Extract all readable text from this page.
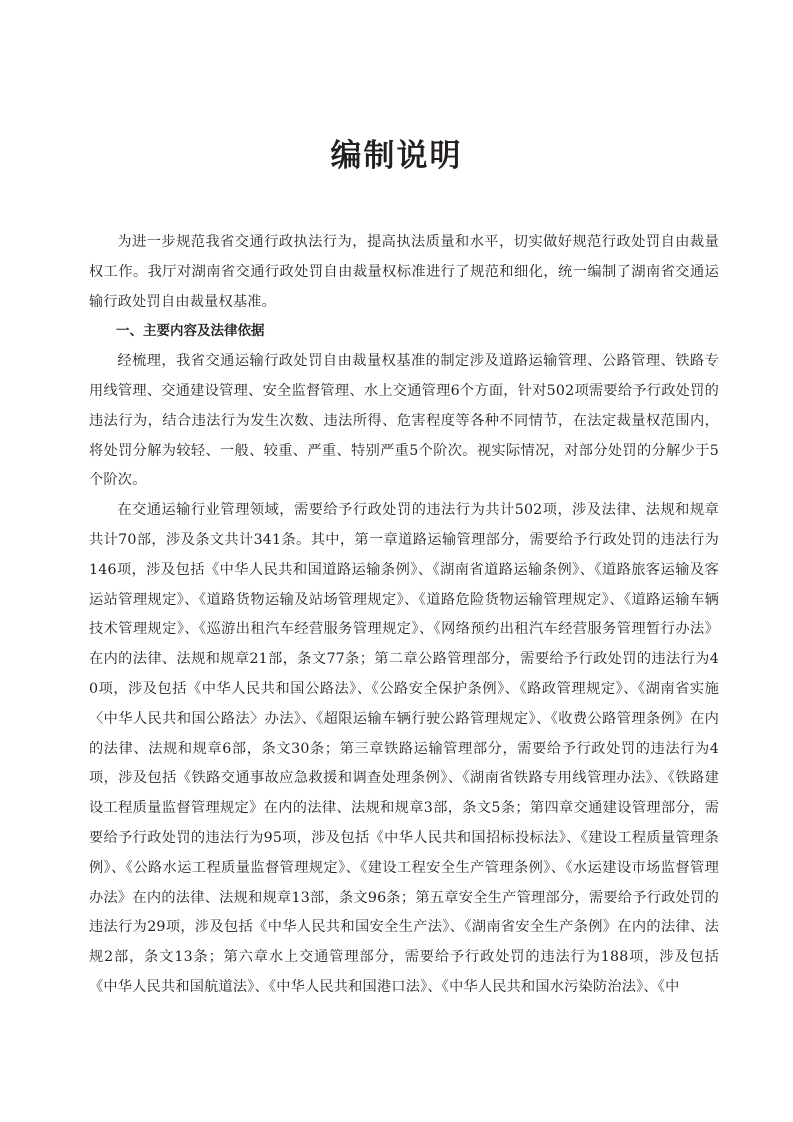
编制说明

为进一步规范我省交通行政执法行为，提高执法质量和水平，切实做好规范行政处罚自由裁量权工作。我厅对湖南省交通行政处罚自由裁量权标准进行了规范和细化，统一编制了湖南省交通运输行政处罚自由裁量权基准。

一、主要内容及法律依据

经梳理，我省交通运输行政处罚自由裁量权基准的制定涉及道路运输管理、公路管理、铁路专用线管理、交通建设管理、安全监督管理、水上交通管理6个方面，针对502项需要给予行政处罚的违法行为，结合违法行为发生次数、违法所得、危害程度等各种不同情节，在法定裁量权范围内，将处罚分解为较轻、一般、较重、严重、特别严重5个阶次。视实际情况，对部分处罚的分解少于5个阶次。

在交通运输行业管理领域，需要给予行政处罚的违法行为共计502项，涉及法律、法规和规章共计70部，涉及条文共计341条。其中，第一章道路运输管理部分，需要给予行政处罚的违法行为146项，涉及包括《中华人民共和国道路运输条例》、《湖南省道路运输条例》、《道路旅客运输及客运站管理规定》、《道路货物运输及站场管理规定》、《道路危险货物运输管理规定》、《道路运输车辆技术管理规定》、《巡游出租汽车经营服务管理规定》、《网络预约出租汽车经营服务管理暂行办法》在内的法律、法规和规章21部，条文77条；第二章公路管理部分，需要给予行政处罚的违法行为40项，涉及包括《中华人民共和国公路法》、《公路安全保护条例》、《路政管理规定》、《湖南省实施〈中华人民共和国公路法〉办法》、《超限运输车辆行驶公路管理规定》、《收费公路管理条例》在内的法律、法规和规章6部，条文30条；第三章铁路运输管理部分，需要给予行政处罚的违法行为4项，涉及包括《铁路交通事故应急救援和调查处理条例》、《湖南省铁路专用线管理办法》、《铁路建设工程质量监督管理规定》在内的法律、法规和规章3部，条文5条；第四章交通建设管理部分，需要给予行政处罚的违法行为95项，涉及包括《中华人民共和国招标投标法》、《建设工程质量管理条例》、《公路水运工程质量监督管理规定》、《建设工程安全生产管理条例》、《水运建设市场监督管理办法》在内的法律、法规和规章13部，条文96条；第五章安全生产管理部分，需要给予行政处罚的违法行为29项，涉及包括《中华人民共和国安全生产法》、《湖南省安全生产条例》在内的法律、法规2部，条文13条；第六章水上交通管理部分，需要给予行政处罚的违法行为188项，涉及包括《中华人民共和国航道法》、《中华人民共和国港口法》、《中华人民共和国水污染防治法》、《中
